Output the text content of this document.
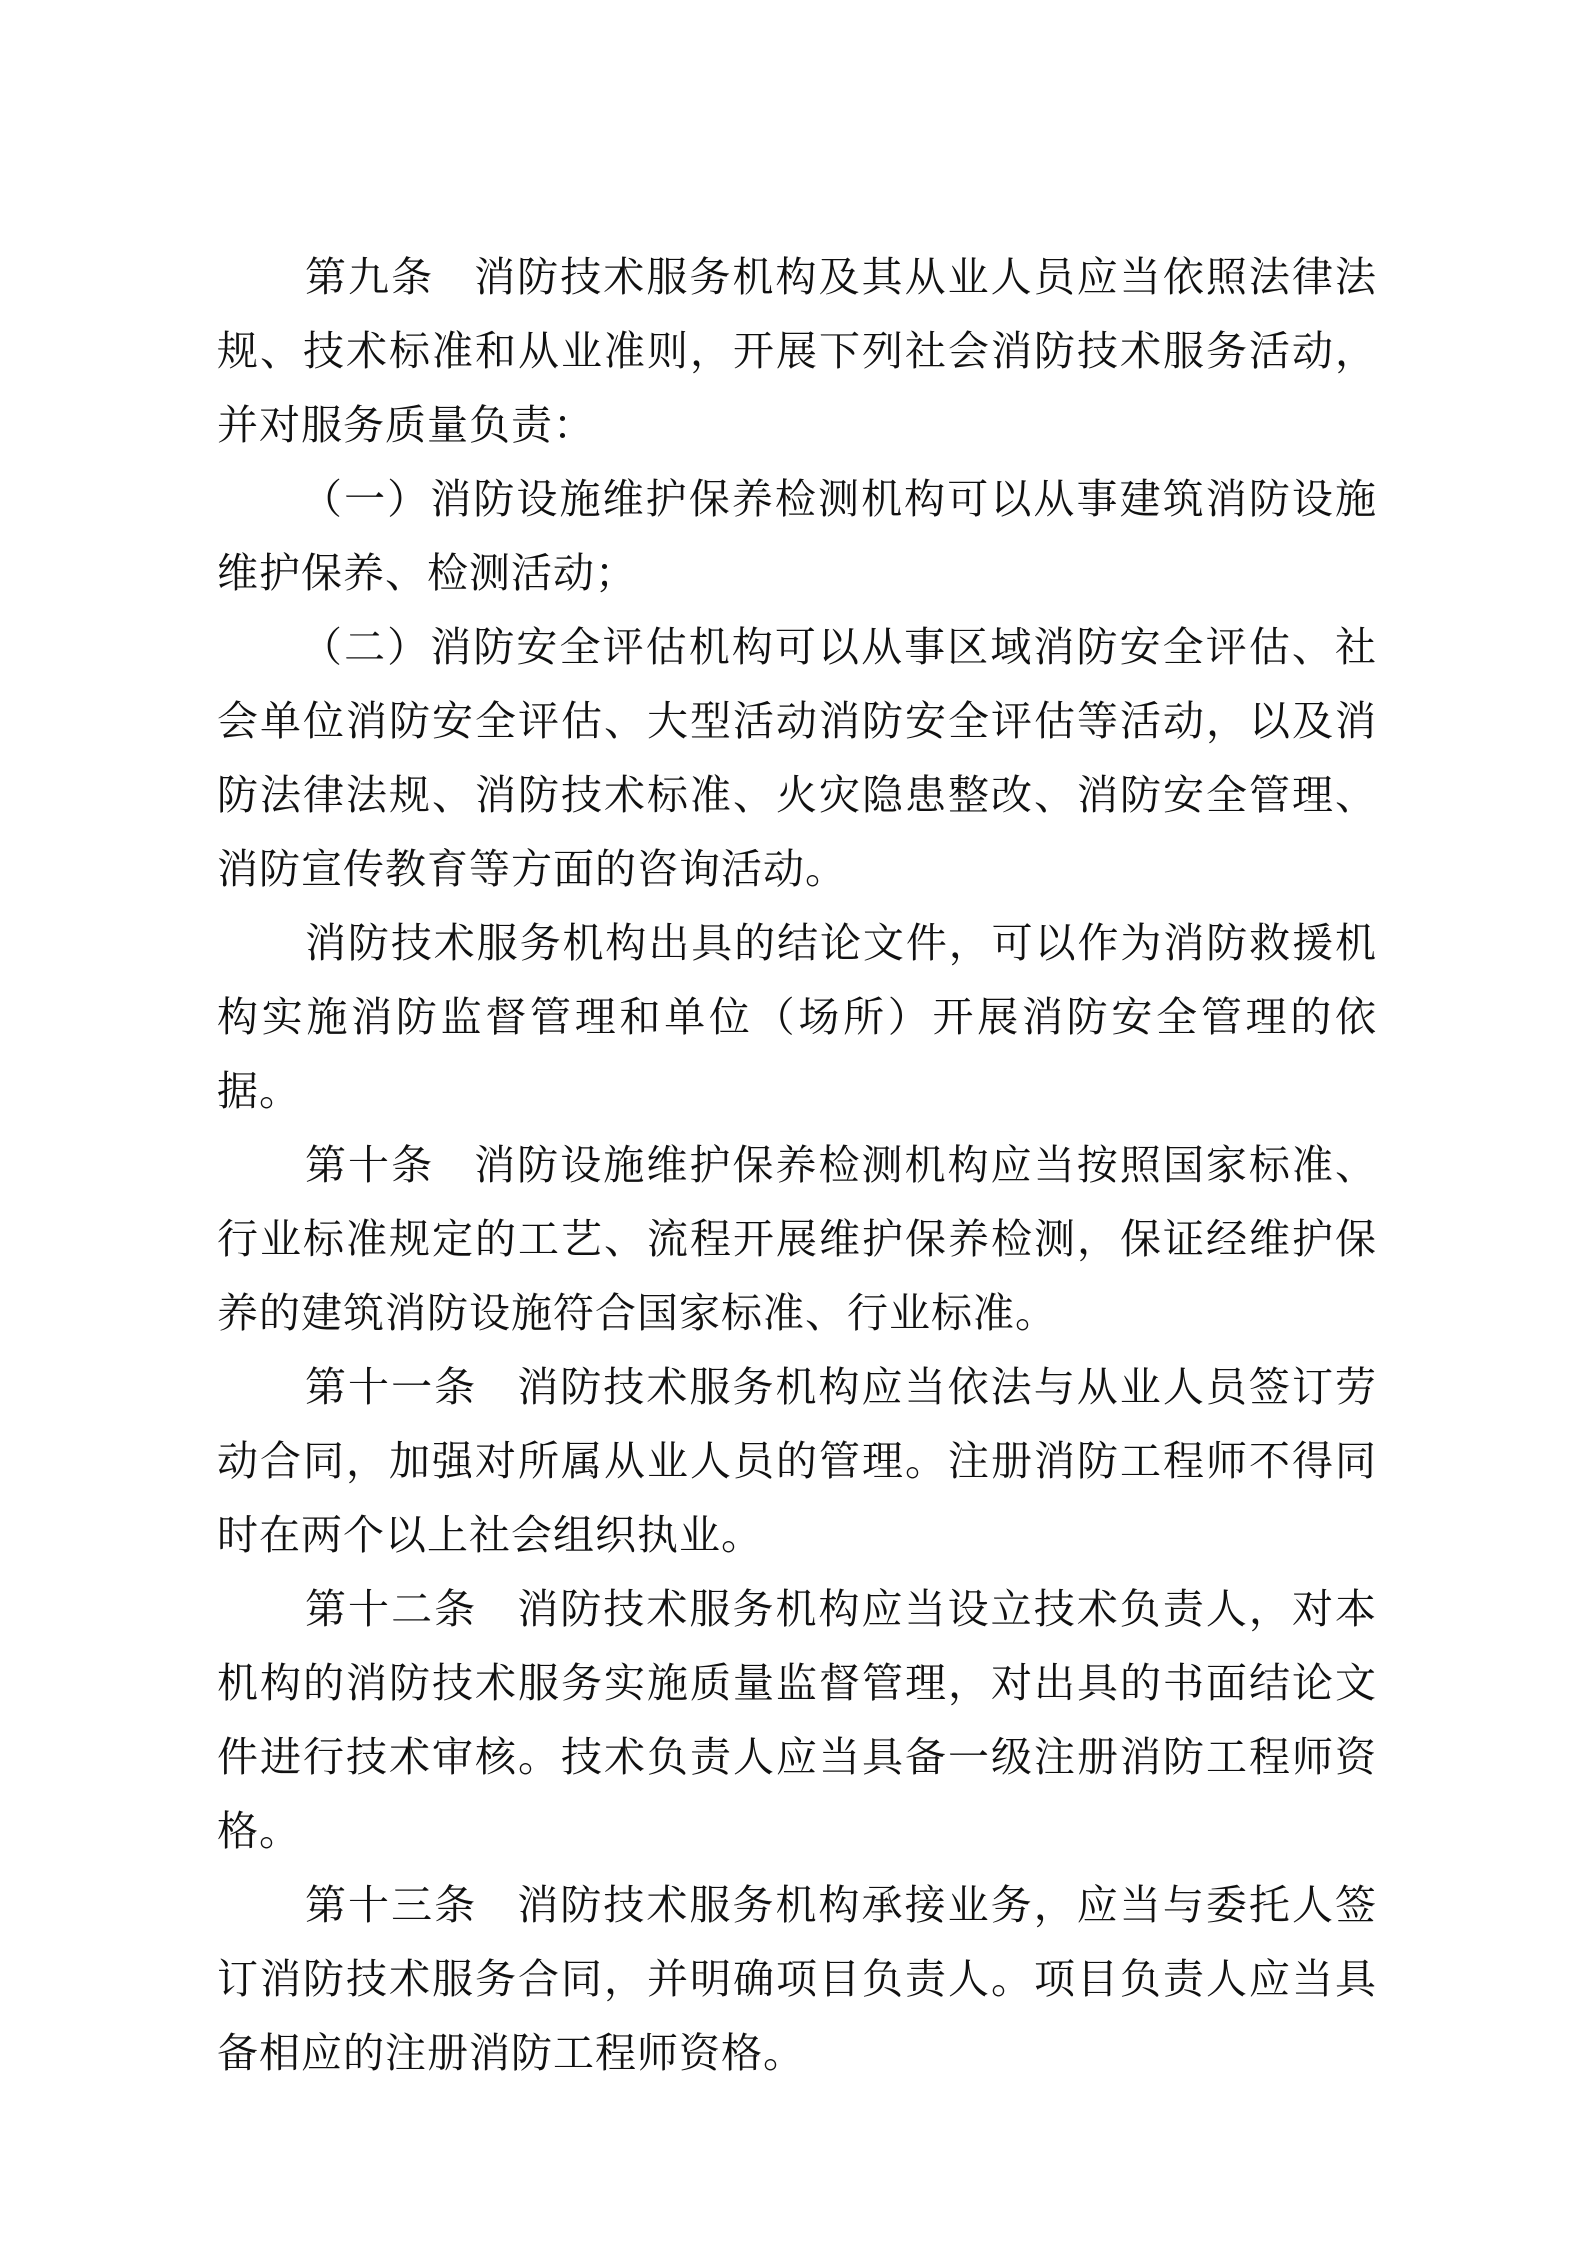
第九条 消防技术服务机构及其从业人员应当依照法律法规、技术标准和从业准则，开展下列社会消防技术服务活动，并对服务质量负责：

（一）消防设施维护保养检测机构可以从事建筑消防设施维护保养、检测活动；

（二）消防安全评估机构可以从事区域消防安全评估、社会单位消防安全评估、大型活动消防安全评估等活动，以及消防法律法规、消防技术标准、火灾隐患整改、消防安全管理、消防宣传教育等方面的咨询活动。

消防技术服务机构出具的结论文件，可以作为消防救援机构实施消防监督管理和单位（场所）开展消防安全管理的依据。

第十条 消防设施维护保养检测机构应当按照国家标准、行业标准规定的工艺、流程开展维护保养检测，保证经维护保养的建筑消防设施符合国家标准、行业标准。

第十一条 消防技术服务机构应当依法与从业人员签订劳动合同，加强对所属从业人员的管理。注册消防工程师不得同时在两个以上社会组织执业。

第十二条 消防技术服务机构应当设立技术负责人，对本机构的消防技术服务实施质量监督管理，对出具的书面结论文件进行技术审核。技术负责人应当具备一级注册消防工程师资格。

第十三条 消防技术服务机构承接业务，应当与委托人签订消防技术服务合同，并明确项目负责人。项目负责人应当具备相应的注册消防工程师资格。
